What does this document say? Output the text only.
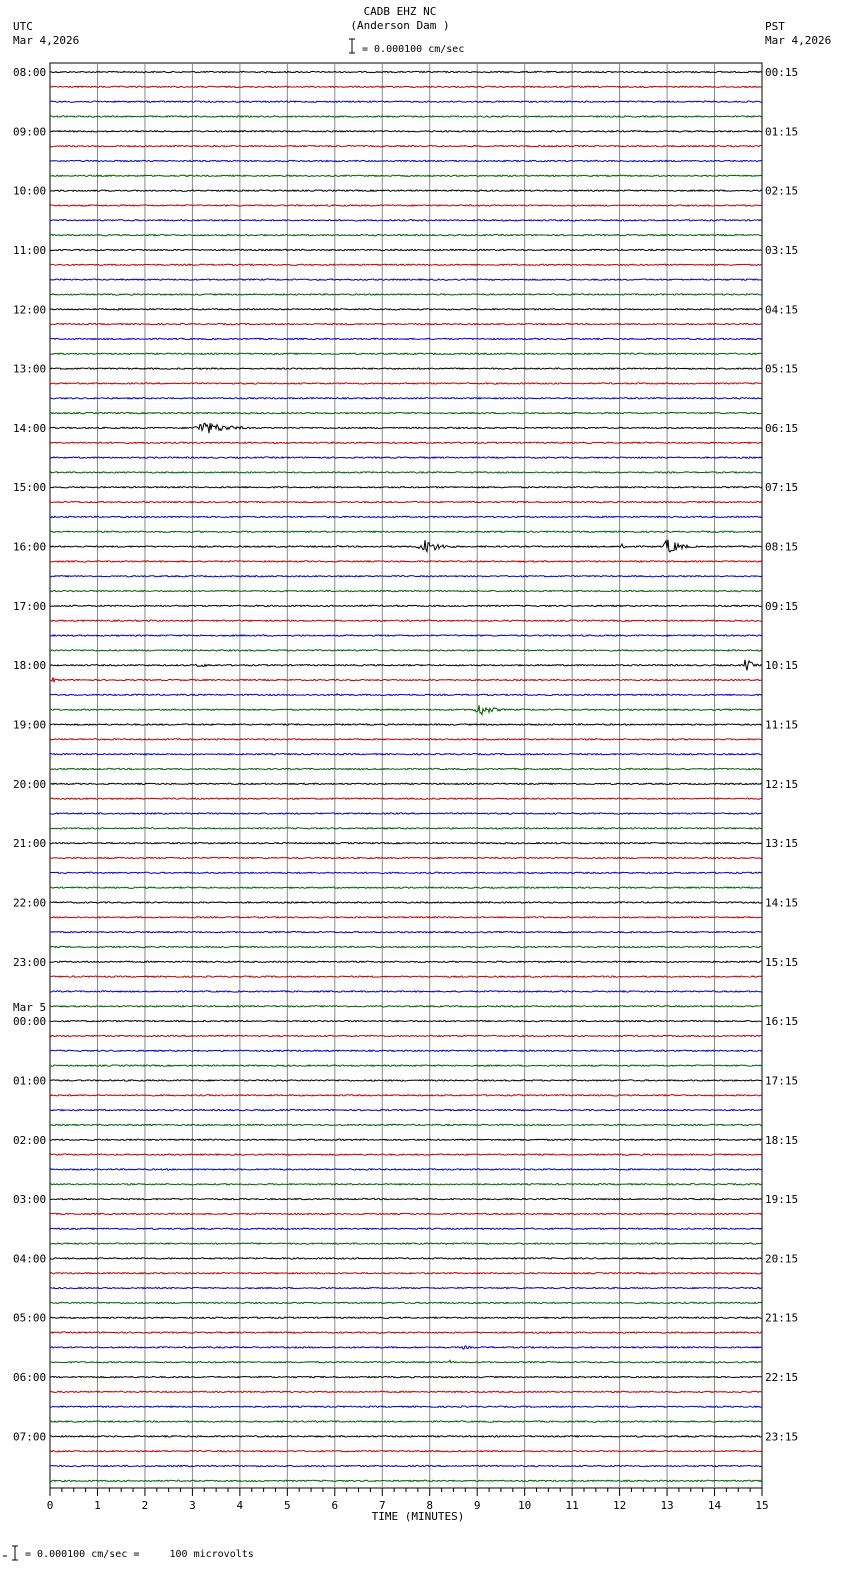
CADB EHZ NC
(Anderson Dam )
UTC
Mar 4,2026
PST
Mar 4,2026
= 0.000100 cm/sec
= 0.000100 cm/sec =     100 microvolts
0	1	2	3	4	5	6	7	8	9	10	11	12	13	14	15
TIME (MINUTES)
08:00
09:00
10:00
11:00
12:00
13:00
14:00
15:00
16:00
17:00
18:00
19:00
20:00
21:00
22:00
23:00
00:00
01:00
02:00
03:00
04:00
05:00
06:00
07:00
00:15
01:15
02:15
03:15
04:15
05:15
06:15
07:15
08:15
09:15
10:15
11:15
12:15
13:15
14:15
15:15
16:15
17:15
18:15
19:15
20:15
21:15
22:15
23:15
Mar 5
